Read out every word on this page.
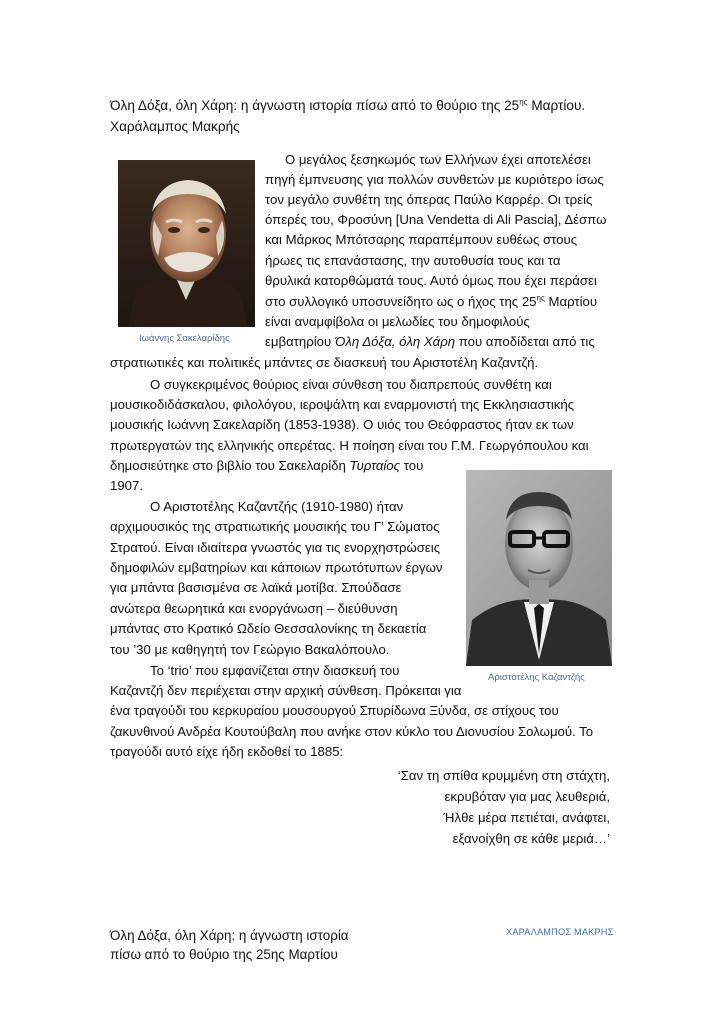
Όλη Δόξα, όλη Χάρη: η άγνωστη ιστορία πίσω από το θούριο της $25^{\eta\varsigma}$ Μαρτίου.
Χαράλαμπος Μακρής
Ιωάννης Σακελαρίδης
Ο μεγάλος ξεσηκωμός των Ελλήνων έχει αποτελέσει
πηγή έμπνευσης για πολλών συνθετών με κυριότερο ίσως
τον μεγάλο συνθέτη της όπερας Παύλο Καρρέρ. Οι τρείς
όπερές του, Φροσύνη [Una Vendetta di Ali Pascia], Δέσπω
και Μάρκος Μπότσαρης παραπέμπουν ευθέως στους
ήρωες τις επανάστασης, την αυτοθυσία τους και τα
θρυλικά κατορθώματά τους. Αυτό όμως που έχει περάσει
στο συλλογικό υποσυνείδητο ως ο ήχος της $25^{\eta\varsigma}$ Μαρτίου
είναι αναμφίβολα οι μελωδίες του δημοφιλούς
εμβατηρίου Όλη Δόξα, όλη Χάρη που αποδίδεται από τις
στρατιωτικές και πολιτικές μπάντες σε διασκευή του Αριστοτέλη Καζαντζή.
Ο συγκεκριμένος θούριος είναι σύνθεση του διαπρεπούς συνθέτη και
μουσικοδιδάσκαλου, φιλολόγου, ιεροψάλτη και εναρμονιστή της Εκκλησιαστικής
μουσικής Ιωάννη Σακελαρίδη (1853-1938). Ο υιός του Θεόφραστος ήταν εκ των
πρωτεργατών της ελληνικής οπερέτας. Η ποίηση είναι του Γ.Μ. Γεωργόπουλου και
δημοσιεύτηκε στο βιβλίο του Σακελαρίδη Τυρταίος του
1907.
Αριστοτέλης Καζαντζής
Ο Αριστοτέλης Καζαντζής (1910-1980) ήταν
αρχιμουσικός της στρατιωτικής μουσικής του Γ’ Σώματος
Στρατού. Είναι ιδιαίτερα γνωστός για τις ενορχηστρώσεις
δημοφιλών εμβατηρίων και κάποιων πρωτότυπων έργων
για μπάντα βασισμένα σε λαϊκά μοτίβα. Σπούδασε
ανώτερα θεωρητικά και ενοργάνωση – διεύθυνση
μπάντας στο Κρατικό Ωδείο Θεσσαλονίκης τη δεκαετία
του ’30 με καθηγητή τον Γεώργιο Βακαλόπουλο.
Το ‘trio’ που εμφανίζεται στην διασκευή του
Καζαντζή δεν περιέχεται στην αρχική σύνθεση. Πρόκειται για
ένα τραγούδι του κερκυραίου μουσουργού Σπυρίδωνα Ξύνδα, σε στίχους του
ζακυνθινού Ανδρέα Κουτούβαλη που ανήκε στον κύκλο του Διονυσίου Σολωμού. Το
τραγούδι αυτό είχε ήδη εκδοθεί το 1885:
‘Σαν τη σπίθα κρυμμένη στη στάχτη,
εκρυβόταν για μας λευθεριά,
Ήλθε μέρα πετιέται, ανάφτει,
εξανοίχθη σε κάθε μεριά…’
Όλη Δόξα, όλη Χάρη: η άγνωστη ιστορία
πίσω από το θούριο της 25ης Μαρτίου
ΧΑΡΑΛΑΜΠΟΣ ΜΑΚΡΗΣ
